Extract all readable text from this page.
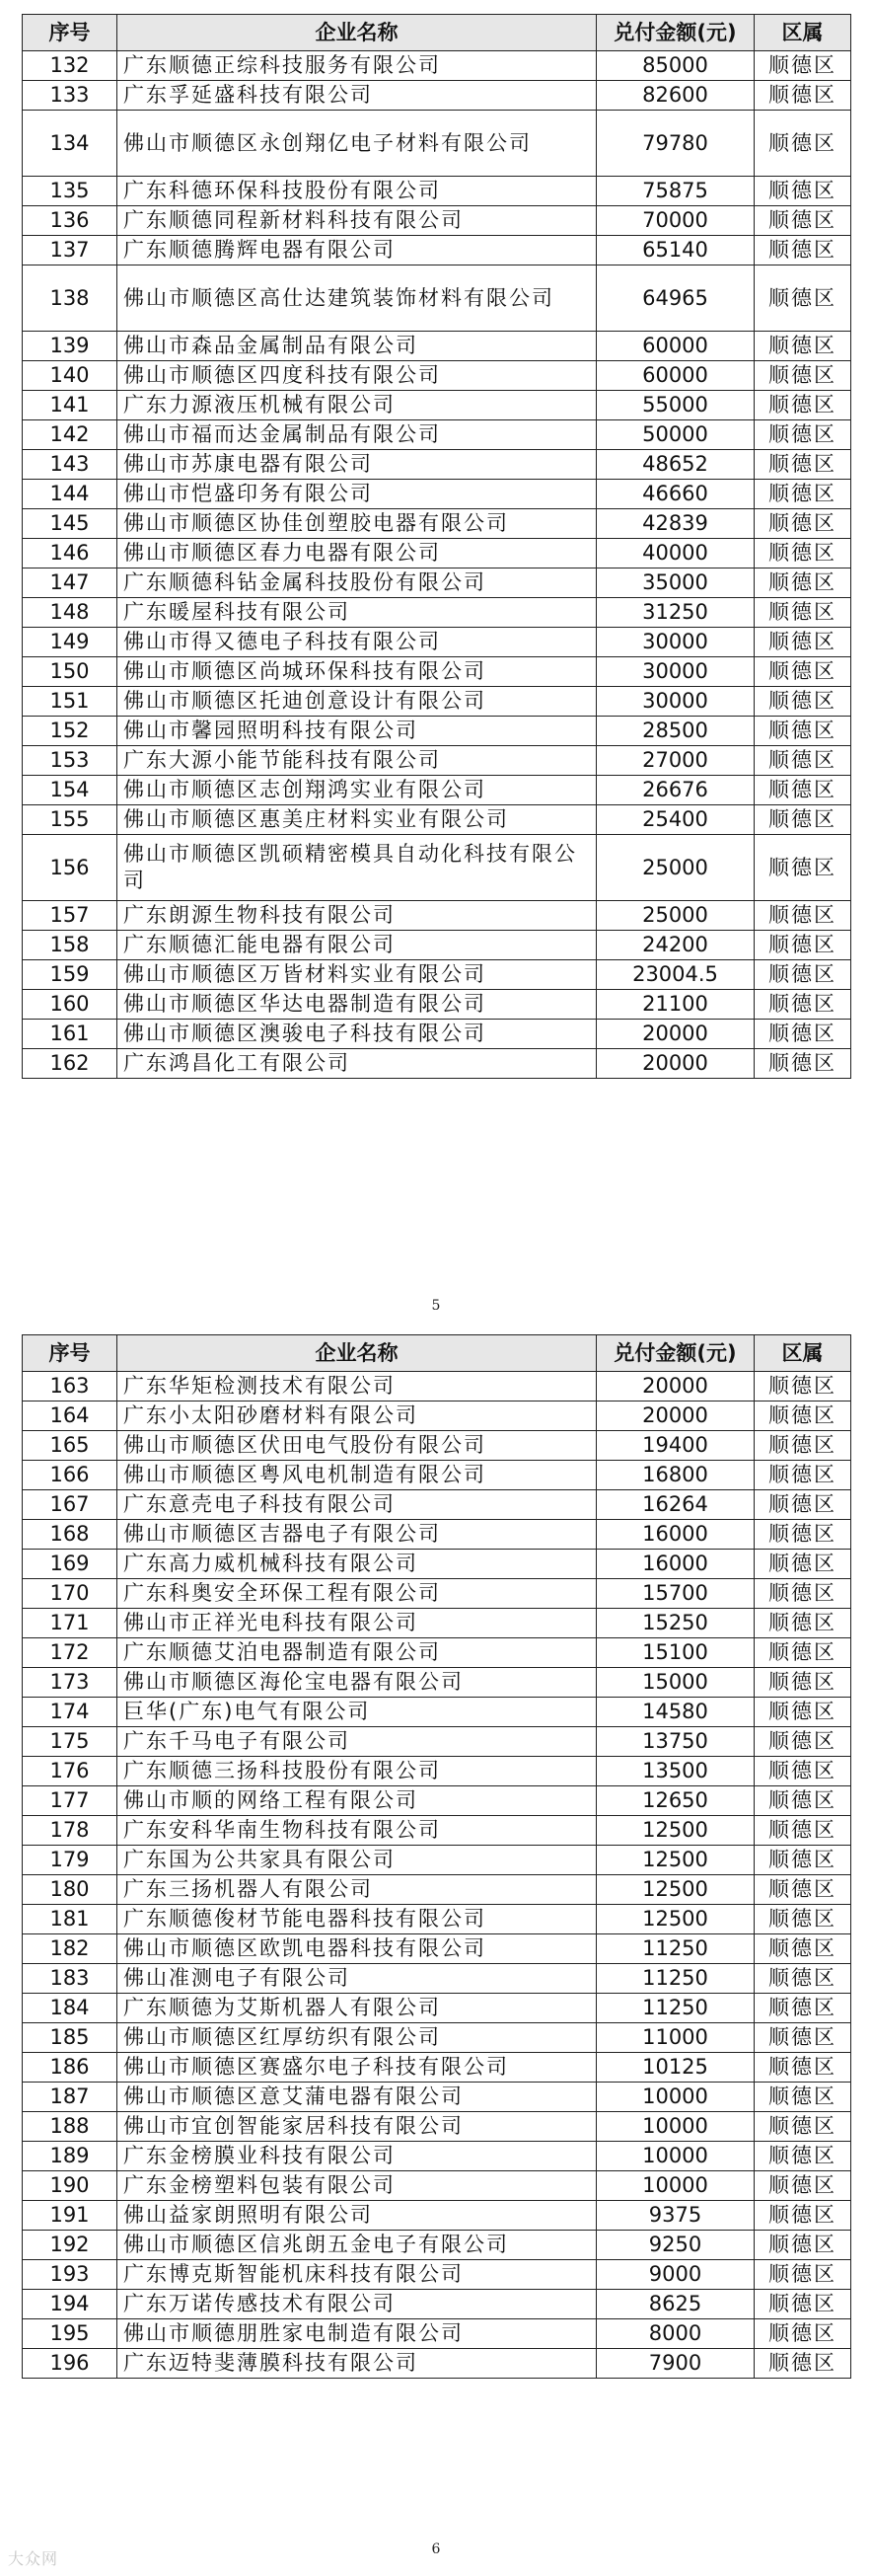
序号	企业名称	兑付金额(元)	区属
132	广东顺德正综科技服务有限公司	85000	顺德区
133	广东孚延盛科技有限公司	82600	顺德区
134	佛山市顺德区永创翔亿电子材料有限公司	79780	顺德区
135	广东科德环保科技股份有限公司	75875	顺德区
136	广东顺德同程新材料科技有限公司	70000	顺德区
137	广东顺德腾辉电器有限公司	65140	顺德区
138	佛山市顺德区高仕达建筑装饰材料有限公司	64965	顺德区
139	佛山市森品金属制品有限公司	60000	顺德区
140	佛山市顺德区四度科技有限公司	60000	顺德区
141	广东力源液压机械有限公司	55000	顺德区
142	佛山市福而达金属制品有限公司	50000	顺德区
143	佛山市苏康电器有限公司	48652	顺德区
144	佛山市恺盛印务有限公司	46660	顺德区
145	佛山市顺德区协佳创塑胶电器有限公司	42839	顺德区
146	佛山市顺德区春力电器有限公司	40000	顺德区
147	广东顺德科钻金属科技股份有限公司	35000	顺德区
148	广东暖屋科技有限公司	31250	顺德区
149	佛山市得又德电子科技有限公司	30000	顺德区
150	佛山市顺德区尚城环保科技有限公司	30000	顺德区
151	佛山市顺德区托迪创意设计有限公司	30000	顺德区
152	佛山市馨园照明科技有限公司	28500	顺德区
153	广东大源小能节能科技有限公司	27000	顺德区
154	佛山市顺德区志创翔鸿实业有限公司	26676	顺德区
155	佛山市顺德区惠美庄材料实业有限公司	25400	顺德区
156	佛山市顺德区凯硕精密模具自动化科技有限公司	25000	顺德区
157	广东朗源生物科技有限公司	25000	顺德区
158	广东顺德汇能电器有限公司	24200	顺德区
159	佛山市顺德区万皆材料实业有限公司	23004.5	顺德区
160	佛山市顺德区华达电器制造有限公司	21100	顺德区
161	佛山市顺德区澳骏电子科技有限公司	20000	顺德区
162	广东鸿昌化工有限公司	20000	顺德区
5
序号	企业名称	兑付金额(元)	区属
163	广东华矩检测技术有限公司	20000	顺德区
164	广东小太阳砂磨材料有限公司	20000	顺德区
165	佛山市顺德区伏田电气股份有限公司	19400	顺德区
166	佛山市顺德区粤风电机制造有限公司	16800	顺德区
167	广东意壳电子科技有限公司	16264	顺德区
168	佛山市顺德区吉器电子有限公司	16000	顺德区
169	广东高力威机械科技有限公司	16000	顺德区
170	广东科奥安全环保工程有限公司	15700	顺德区
171	佛山市正祥光电科技有限公司	15250	顺德区
172	广东顺德艾泊电器制造有限公司	15100	顺德区
173	佛山市顺德区海伦宝电器有限公司	15000	顺德区
174	巨华(广东)电气有限公司	14580	顺德区
175	广东千马电子有限公司	13750	顺德区
176	广东顺德三扬科技股份有限公司	13500	顺德区
177	佛山市顺的网络工程有限公司	12650	顺德区
178	广东安科华南生物科技有限公司	12500	顺德区
179	广东国为公共家具有限公司	12500	顺德区
180	广东三扬机器人有限公司	12500	顺德区
181	广东顺德俊材节能电器科技有限公司	12500	顺德区
182	佛山市顺德区欧凯电器科技有限公司	11250	顺德区
183	佛山准测电子有限公司	11250	顺德区
184	广东顺德为艾斯机器人有限公司	11250	顺德区
185	佛山市顺德区红厚纺织有限公司	11000	顺德区
186	佛山市顺德区赛盛尔电子科技有限公司	10125	顺德区
187	佛山市顺德区意艾蒲电器有限公司	10000	顺德区
188	佛山市宜创智能家居科技有限公司	10000	顺德区
189	广东金榜膜业科技有限公司	10000	顺德区
190	广东金榜塑料包装有限公司	10000	顺德区
191	佛山益家朗照明有限公司	9375	顺德区
192	佛山市顺德区信兆朗五金电子有限公司	9250	顺德区
193	广东博克斯智能机床科技有限公司	9000	顺德区
194	广东万诺传感技术有限公司	8625	顺德区
195	佛山市顺德朋胜家电制造有限公司	8000	顺德区
196	广东迈特斐薄膜科技有限公司	7900	顺德区
6
大众网
